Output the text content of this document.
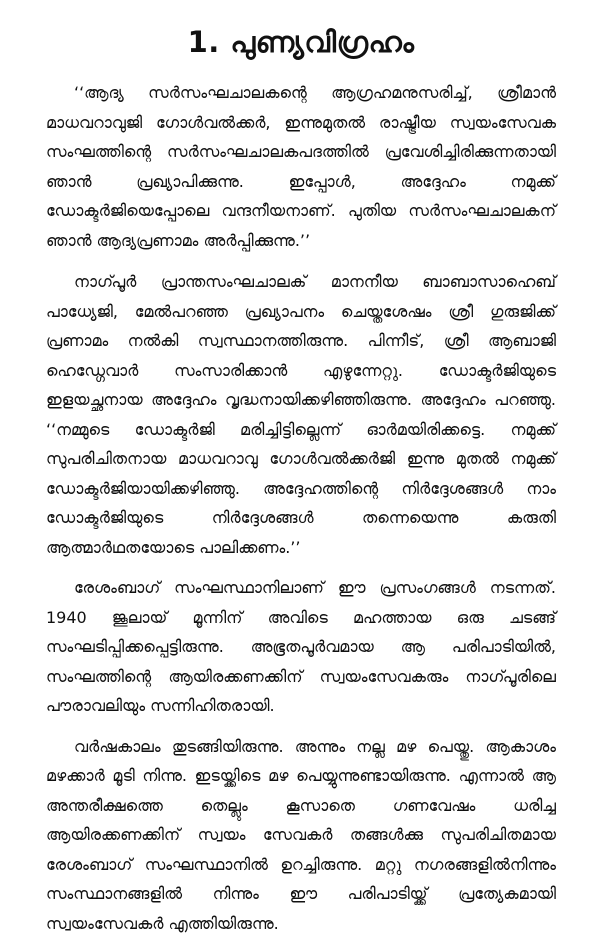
1. പുണ്യവിഗ്രഹം

‘‘ആദ്യ സർസംഘചാലകന്റെ ആഗ്രഹമനുസരിച്ച്, ശ്രീമാൻ മാധവറാവുജി ഗോൾവൽക്കർ, ഇന്നുമുതൽ രാഷ്ട്രീയ സ്വയംസേവക സംഘത്തിന്റെ സർസംഘചാലകപദത്തിൽ പ്രവേശിച്ചിരിക്കുന്നതായി ഞാൻ പ്രഖ്യാപിക്കുന്നു. ഇപ്പോൾ, അദ്ദേഹം നമുക്ക് ഡോക്ടർജിയെപ്പോലെ വന്ദനീയനാണ്. പുതിയ സർസംഘചാലകന് ഞാൻ ആദ്യപ്രണാമം അർപ്പിക്കുന്നു.’’

നാഗ്പൂർ പ്രാന്തസംഘചാലക് മാനനീയ ബാബാസാഹെബ് പാധ്യേജി, മേൽപറഞ്ഞ പ്രഖ്യാപനം ചെയ്തശേഷം ശ്രീ ഗുരുജിക്ക് പ്രണാമം നൽകി സ്വസ്ഥാനത്തിരുന്നു. പിന്നീട്, ശ്രീ ആബാജി ഹെഡ്ഗേവാർ സംസാരിക്കാൻ എഴുന്നേറ്റു. ഡോക്ടർജിയുടെ ഇളയച്ഛനായ അദ്ദേഹം വൃദ്ധനായിക്കഴിഞ്ഞിരുന്നു. അദ്ദേഹം പറഞ്ഞു. ‘‘നമ്മുടെ ഡോക്ടർജി മരിച്ചിട്ടില്ലെന്ന് ഓർമയിരിക്കട്ടെ. നമുക്ക് സുപരിചിതനായ മാധവറാവു ഗോൾവൽക്കർജി ഇന്നു മുതൽ നമുക്ക് ഡോക്ടർജിയായിക്കഴിഞ്ഞു. അദ്ദേഹത്തിന്റെ നിർദ്ദേശങ്ങൾ നാം ഡോക്ടർജിയുടെ നിർദ്ദേശങ്ങൾ തന്നെയെന്നു കരുതി ആത്മാർഥതയോടെ പാലിക്കണം.’’

രേശംബാഗ് സംഘസ്ഥാനിലാണ് ഈ പ്രസംഗങ്ങൾ നടന്നത്. 1940 ജൂലായ് മൂന്നിന് അവിടെ മഹത്തായ ഒരു ചടങ്ങ് സംഘടിപ്പിക്കപ്പെട്ടിരുന്നു. അഭൂതപൂർവമായ ആ പരിപാടിയിൽ, സംഘത്തിന്റെ ആയിരക്കണക്കിന് സ്വയംസേവകരും നാഗ്പൂരിലെ പൗരാവലിയും സന്നിഹിതരായി.

വർഷകാലം തുടങ്ങിയിരുന്നു. അന്നും നല്ല മഴ പെയ്തു. ആകാശം മഴക്കാർ മൂടി നിന്നു. ഇടയ്ക്കിടെ മഴ പെയ്യുന്നുണ്ടായിരുന്നു. എന്നാൽ ആ അന്തരീക്ഷത്തെ തെല്ലും കൂസാതെ ഗണവേഷം ധരിച്ച ആയിരക്കണക്കിന് സ്വയം സേവകർ തങ്ങൾക്കു സുപരിചിതമായ രേശംബാഗ് സംഘസ്ഥാനിൽ ഉറച്ചിരുന്നു. മറ്റു നഗരങ്ങളിൽനിന്നും സംസ്ഥാനങ്ങളിൽ നിന്നും ഈ പരിപാടിയ്ക്ക് പ്രത്യേകമായി സ്വയംസേവകർ എത്തിയിരുന്നു.
